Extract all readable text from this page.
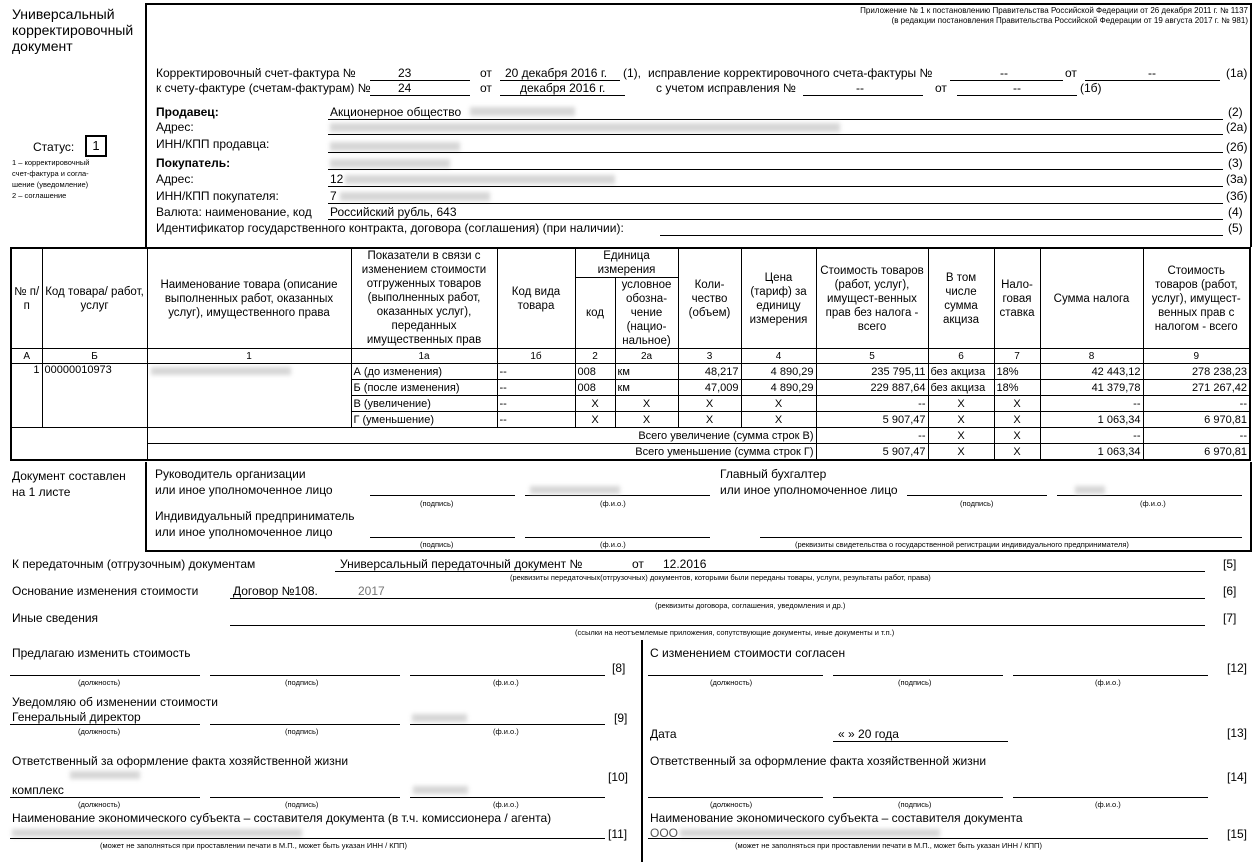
Универсальный
корректировочный
документ
Приложение № 1 к постановлению Правительства Российской Федерации от 26 декабря 2011 г. № 1137
(в редакции постановления Правительства Российской Федерации от 19 августа 2017 г. № 981)
Статус:	1
1 – корректировочный
счет-фактура и согла-
шение (уведомление)
2 – соглашение
Корректировочный счет-фактура №	23	от 20 декабря 2016 г. (1), исправление корректировочного счета-фактуры №	--	от	--	(1а)
к счету-фактуре (счетам-фактурам) № 24	от декабря 2016 г.	с учетом исправления №	--	от	--	(1б)
Продавец:	Акционерное общество	(2)
Адрес:	(2а)
ИНН/КПП продавца:	(2б)
Покупатель:	(3)
Адрес:	12	(3а)
ИНН/КПП покупателя:	7	(3б)
Валюта: наименование, код Российский рубль, 643	(4)
Идентификатор государственного контракта, договора (соглашения) (при наличии):	(5)
№ п/п	Код товара/ работ, услуг	Наименование товара (описание выполненных работ, оказанных услуг), имущественного права	Показатели в связи с изменением стоимости отгруженных товаров (выполненных работ, оказанных услуг), переданных имущественных прав	Код вида товара	Единица измерения		Коли-чество (объем)	Цена (тариф) за единицу измерения	Стоимость товаров (работ, услуг), имущест-венных прав без налога - всего	В том числе сумма акциза	Нало-говая ставка	Сумма налога	Стоимость товаров (работ, услуг), имущест-венных прав с налогом - всего
					код	условное обозна-чение (нацио-нальное)							
А	Б	1	1а	1б	2	2а	3	4	5	6	7	8	9
1	00000010973		А (до изменения)	--	008	км	48,217	4 890,29	235 795,11	без акциза	18%	42 443,12	278 238,23
			Б (после изменения)	--	008	км	47,009	4 890,29	229 887,64	без акциза	18%	41 379,78	271 267,42
			В (увеличение)	--	X	X	X	X	--	X	X	--	--
			Г (уменьшение)	--	X	X	X	X	5 907,47	X	X	1 063,34	6 970,81
		Всего увеличение (сумма строк В)							--	X	X	--	--
		Всего уменьшение (сумма строк Г)							5 907,47	X	X	1 063,34	6 970,81
Документ составлен
на 1 листе
Руководитель организации
или иное уполномоченное лицо
(подпись)	(ф.и.о.)
Главный бухгалтер
или иное уполномоченное лицо
(подпись)	(ф.и.о.)
Индивидуальный предприниматель
или иное уполномоченное лицо
(подпись)	(ф.и.о.)	(реквизиты свидетельства о государственной регистрации индивидуального предпринимателя)
К передаточным (отгрузочным) документам	Универсальный передаточный документ №	от 12.2016	[5]
(реквизиты передаточных(отгрузочных) документов, которыми были переданы товары, услуги, результаты работ, права)
Основание изменения стоимости	Договор №108.	2017	[6]
(реквизиты договора, соглашения, уведомления и др.)
Иные сведения	[7]
(ссылки на неотъемлемые приложения, сопутствующие документы, иные документы и т.п.)
Предлагаю изменить стоимость
[8]
(должность)	(подпись)	(ф.и.о.)
Уведомляю об изменении стоимости
Генеральный директор	[9]
(должность)	(подпись)	(ф.и.о.)
Ответственный за оформление факта хозяйственной жизни
комплекс
[10]
(должность)	(подпись)	(ф.и.о.)
Наименование экономического субъекта – составителя документа (в т.ч. комиссионера / агента)
[11]
(может не заполняться при проставлении печати в М.П., может быть указан ИНН / КПП)
С изменением стоимости согласен
[12]
(должность)	(подпись)	(ф.и.о.)
Дата	« » 20 года	[13]
Ответственный за оформление факта хозяйственной жизни
[14]
(должность)	(подпись)	(ф.и.о.)
Наименование экономического субъекта – составителя документа
ООО	[15]
(может не заполняться при проставлении печати в М.П., может быть указан ИНН / КПП)
